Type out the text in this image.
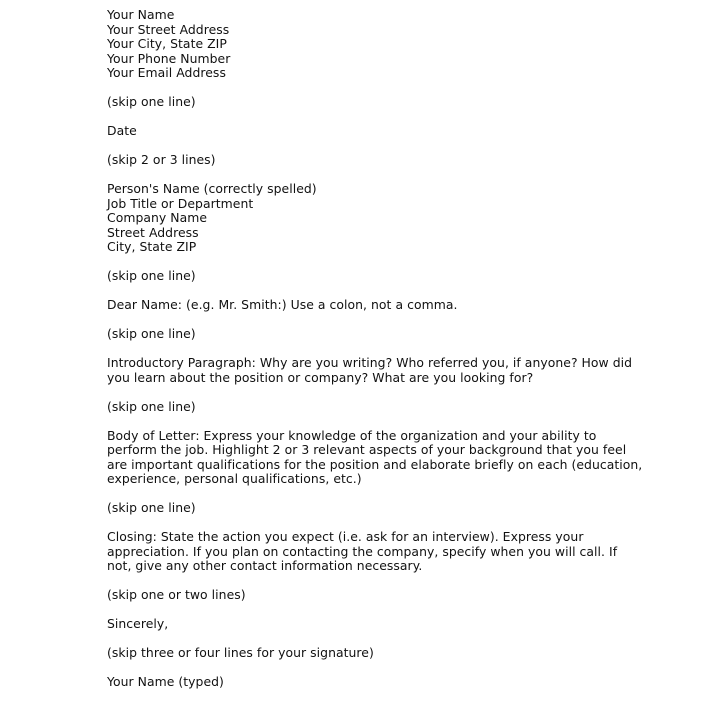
Your Name
Your Street Address
Your City, State ZIP
Your Phone Number
Your Email Address
(skip one line)
Date
(skip 2 or 3 lines)
Person's Name (correctly spelled)
Job Title or Department
Company Name
Street Address
City, State ZIP
(skip one line)
Dear Name: (e.g. Mr. Smith:) Use a colon, not a comma.
(skip one line)
Introductory Paragraph: Why are you writing? Who referred you, if anyone? How did
you learn about the position or company? What are you looking for?
(skip one line)
Body of Letter: Express your knowledge of the organization and your ability to
perform the job. Highlight 2 or 3 relevant aspects of your background that you feel
are important qualifications for the position and elaborate briefly on each (education,
experience, personal qualifications, etc.)
(skip one line)
Closing: State the action you expect (i.e. ask for an interview). Express your
appreciation. If you plan on contacting the company, specify when you will call. If
not, give any other contact information necessary.
(skip one or two lines)
Sincerely,
(skip three or four lines for your signature)
Your Name (typed)
